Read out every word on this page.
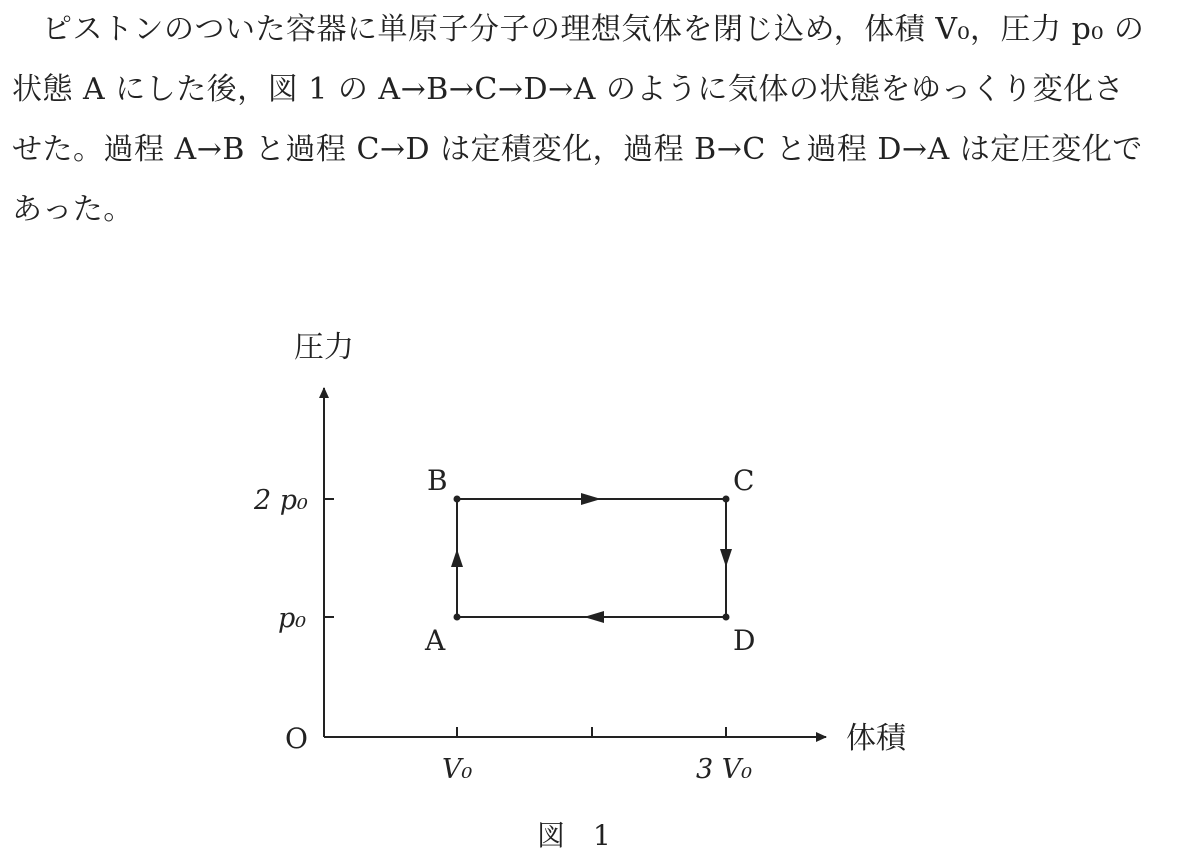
ピストンのついた容器に単原子分子の理想気体を閉じ込め，体積 V₀，圧力 p₀ の
状態 A にした後，図 1 の A→B→C→D→A のように気体の状態をゆっくり変化さ
せた。過程 A→B と過程 C→D は定積変化，過程 B→C と過程 D→A は定圧変化で
あった。
圧力
体積
O
2 p₀
p₀
V₀	3 V₀
A
B	C
D
図　1
